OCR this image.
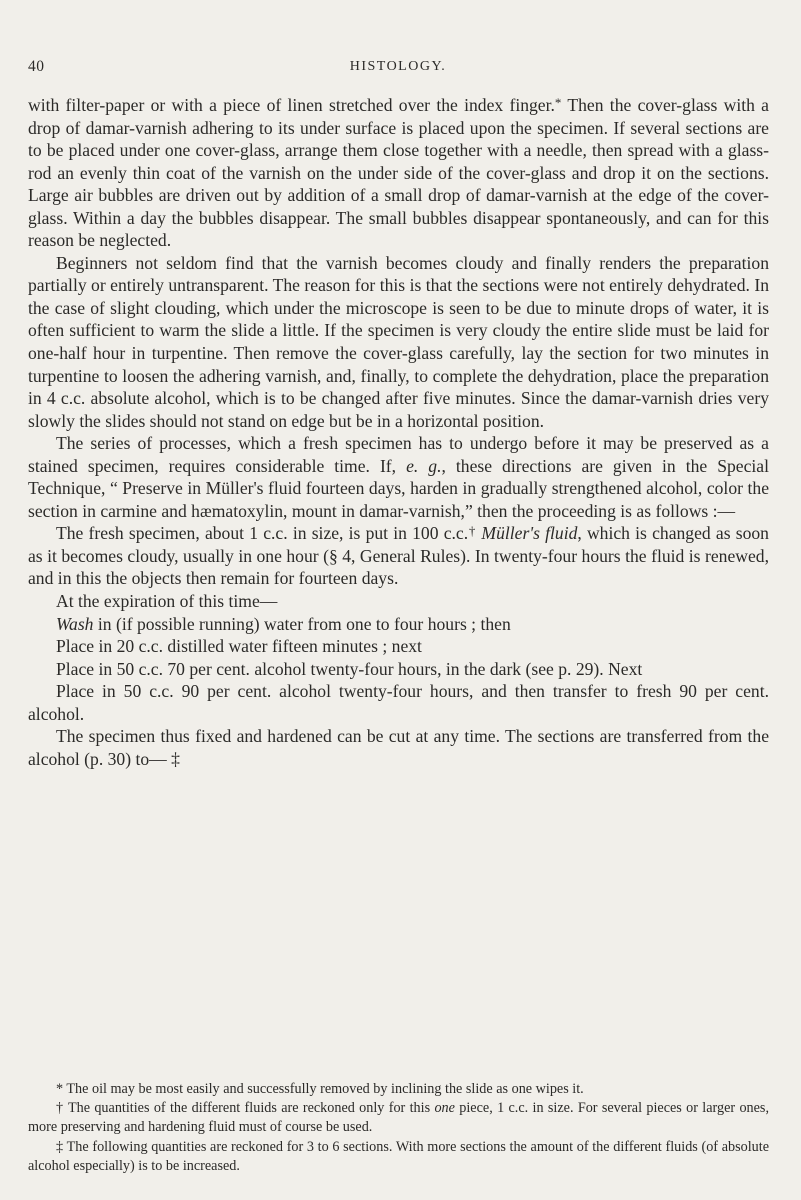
40	HISTOLOGY.

with filter-paper or with a piece of linen stretched over the index finger.* Then the cover-glass with a drop of damar-varnish adhering to its under surface is placed upon the specimen. If several sections are to be placed under one cover-glass, arrange them close together with a needle, then spread with a glass-rod an evenly thin coat of the varnish on the under side of the cover-glass and drop it on the sections. Large air bubbles are driven out by addition of a small drop of damar-varnish at the edge of the cover-glass. Within a day the bubbles disappear. The small bubbles disappear spontaneously, and can for this reason be neglected.

Beginners not seldom find that the varnish becomes cloudy and finally renders the preparation partially or entirely untransparent. The reason for this is that the sections were not entirely dehydrated. In the case of slight clouding, which under the microscope is seen to be due to minute drops of water, it is often sufficient to warm the slide a little. If the specimen is very cloudy the entire slide must be laid for one-half hour in turpentine. Then remove the cover-glass carefully, lay the section for two minutes in turpentine to loosen the adhering varnish, and, finally, to complete the dehydration, place the preparation in 4 c.c. absolute alcohol, which is to be changed after five minutes. Since the damar-varnish dries very slowly the slides should not stand on edge but be in a horizontal position.

The series of processes, which a fresh specimen has to undergo before it may be preserved as a stained specimen, requires considerable time. If, e. g., these directions are given in the Special Technique, “ Preserve in Müller's fluid fourteen days, harden in gradually strengthened alcohol, color the section in carmine and hæmatoxylin, mount in damar-varnish,” then the proceeding is as follows :—

The fresh specimen, about 1 c.c. in size, is put in 100 c.c.† Müller's fluid, which is changed as soon as it becomes cloudy, usually in one hour (§ 4, General Rules). In twenty-four hours the fluid is renewed, and in this the objects then remain for fourteen days.

At the expiration of this time—

Wash in (if possible running) water from one to four hours ; then

Place in 20 c.c. distilled water fifteen minutes ; next

Place in 50 c.c. 70 per cent. alcohol twenty-four hours, in the dark (see p. 29). Next

Place in 50 c.c. 90 per cent. alcohol twenty-four hours, and then transfer to fresh 90 per cent. alcohol.

The specimen thus fixed and hardened can be cut at any time. The sections are transferred from the alcohol (p. 30) to— ‡

* The oil may be most easily and successfully removed by inclining the slide as one wipes it.

† The quantities of the different fluids are reckoned only for this one piece, 1 c.c. in size. For several pieces or larger ones, more preserving and hardening fluid must of course be used.

‡ The following quantities are reckoned for 3 to 6 sections. With more sections the amount of the different fluids (of absolute alcohol especially) is to be increased.
